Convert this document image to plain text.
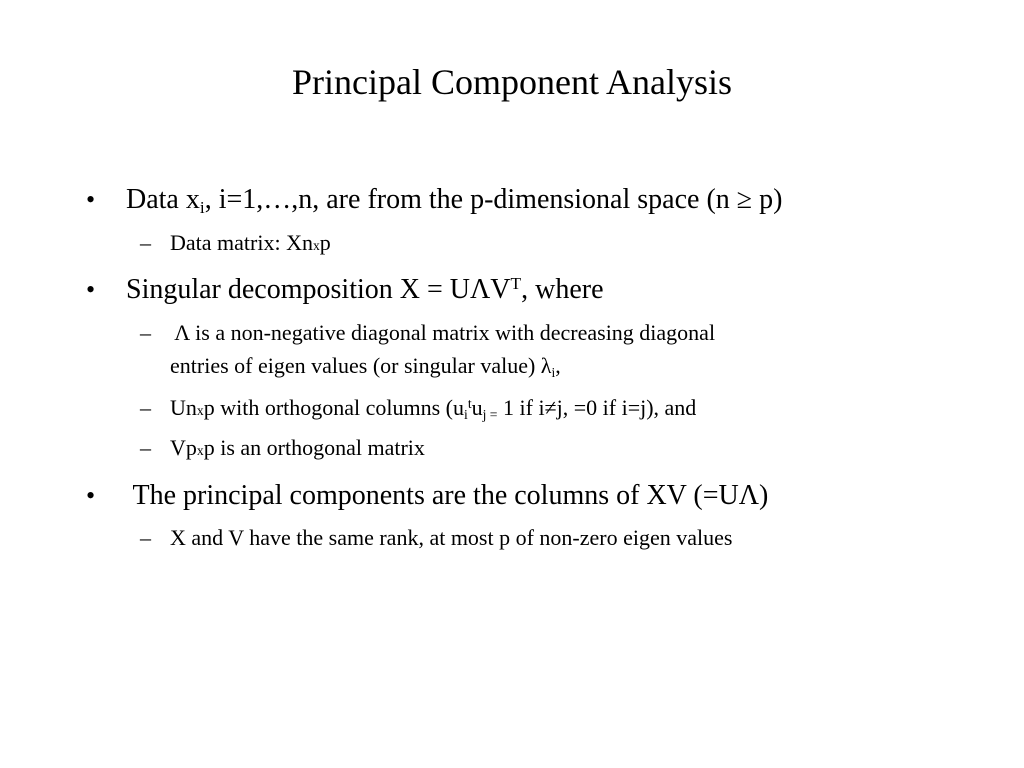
Principal Component Analysis
• Data $x_i$, i=1,…,n, are from the p-dimensional space (n ≥ p)
– Data matrix: Xnxp
• Singular decomposition $X = U\Lambda V^T$, where
– Λ is a non-negative diagonal matrix with decreasing diagonal
entries of eigen values (or singular value) $\lambda_i$,
– Unxp with orthogonal columns ($u_i^tu_{j =}$ 1 if i≠j, =0 if i=j), and
– Vpxp is an orthogonal matrix
• The principal components are the columns of XV (=UΛ)
– X and V have the same rank, at most p of non-zero eigen values
